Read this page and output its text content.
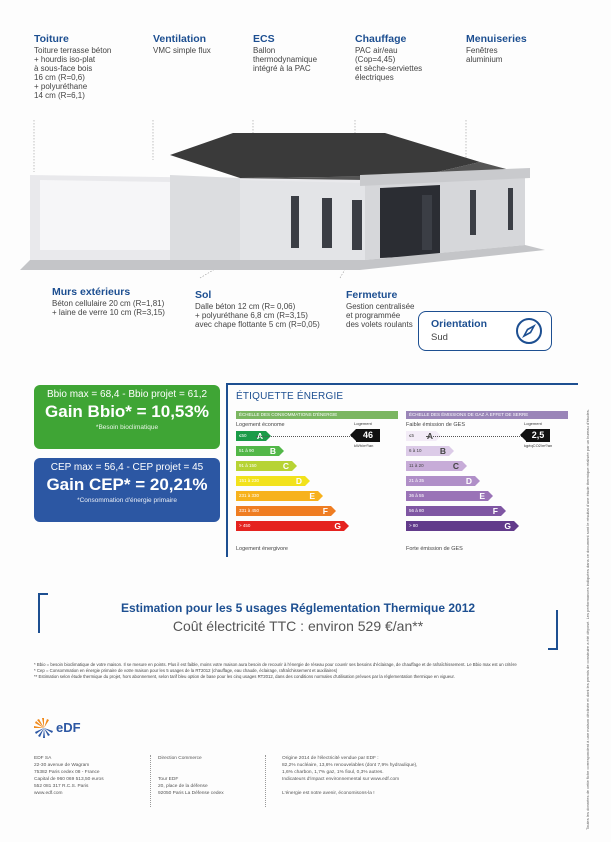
Toiture

Toiture terrasse béton
+ hourdis iso-plat
à sous-face bois
16 cm (R=0,6)
+ polyuréthane
14 cm (R=6,1)

Ventilation

VMC simple flux

ECS

Ballon
thermodynamique
intégré à la PAC

Chauffage

PAC air/eau
(Cop=4,45)
et sèche-serviettes
électriques

Menuiseries

Fenêtres
aluminium

Murs extérieurs

Béton cellulaire 20 cm (R=1,81)
+ laine de verre 10 cm (R=3,15)

Sol

Dalle béton 12 cm (R= 0,06)
+ polyuréthane 6,8 cm (R=3,15)
avec chape flottante 5 cm (R=0,05)

Fermeture

Gestion centralisée
et programmée
des volets roulants	Orientation
Sud
Bbio max = 68,4 - Bbio projet = 61,2
Gain Bbio* = 10,53%
*Besoin bioclimatique
CEP max = 56,4 - CEP projet = 45
Gain CEP* = 20,21%
*Consommation d'énergie primaire
ÉTIQUETTE ÉNERGIE
ÉCHELLE DES CONSOMMATIONS D'ÉNERGIE
Logement économe	Logement
Logement énergivore
≤50 A
51 à 90 B
91 à 150	C
151 à 230	D
231 à 330	E
331 à 450	F
> 450	G
46
kWh/m²/an
ÉCHELLE DES ÉMISSIONS DE GAZ À EFFET DE SERRE
Faible émission de GES	Logement
Forte émission de GES
≤5 A
6 à 10 B
11 à 20	C
21 à 35	D
36 à 55	E
56 à 80	F
> 80	G
2,5
kgéqCO2/m²/an
Estimation pour les 5 usages Réglementation Thermique 2012
Coût électricité TTC : environ 529 €/an**

* Bbio = besoin bioclimatique de votre maison. Il se mesure en points. Plus il est faible, moins votre maison aura besoin de recourir à l'énergie de réseau pour couvrir ses besoins d'éclairage, de chauffage et de rafraîchissement. Le Bbio max est un critère

* Cep = Consommation en énergie primaire de votre maison pour les 5 usages de la RT2012 (chauffage, eau chaude, éclairage, rafraîchissement et auxiliaires)

** Estimation selon étude thermique du projet, hors abonnement, selon tarif bleu option de base pour les cinq usages RT2012, dans des conditions normales d'utilisation prévues par la réglementation thermique en vigueur.

eDF
EDF SA
22-30 avenue de Wagram
75382 Paris cedex 08 - France
Capital de 960 069 513,50 euros
552 081 317 R.C.S. Paris
www.edf.com
Direction Commerce

Tour EDF
20, place de la défense
92050 Paris La Défense cedex
Origine 2014 de l'électricité vendue par EDF :
82,2% nucléaire, 13,6% renouvelables (dont 7,9% hydraulique),
1,6% charbon, 1,7% gaz, 1% fioul, 0,3% autres.
Indicateurs d'impact environnemental sur www.edf.com

L'énergie est notre avenir, économisons-la !	Toutes les données de cette fiche correspondent à une maison déclinée et dont les permis de construire a été déposé. Les performances indiquées dans ce document sont le résultat d'une étude thermique réalisée par un bureau d'études.
